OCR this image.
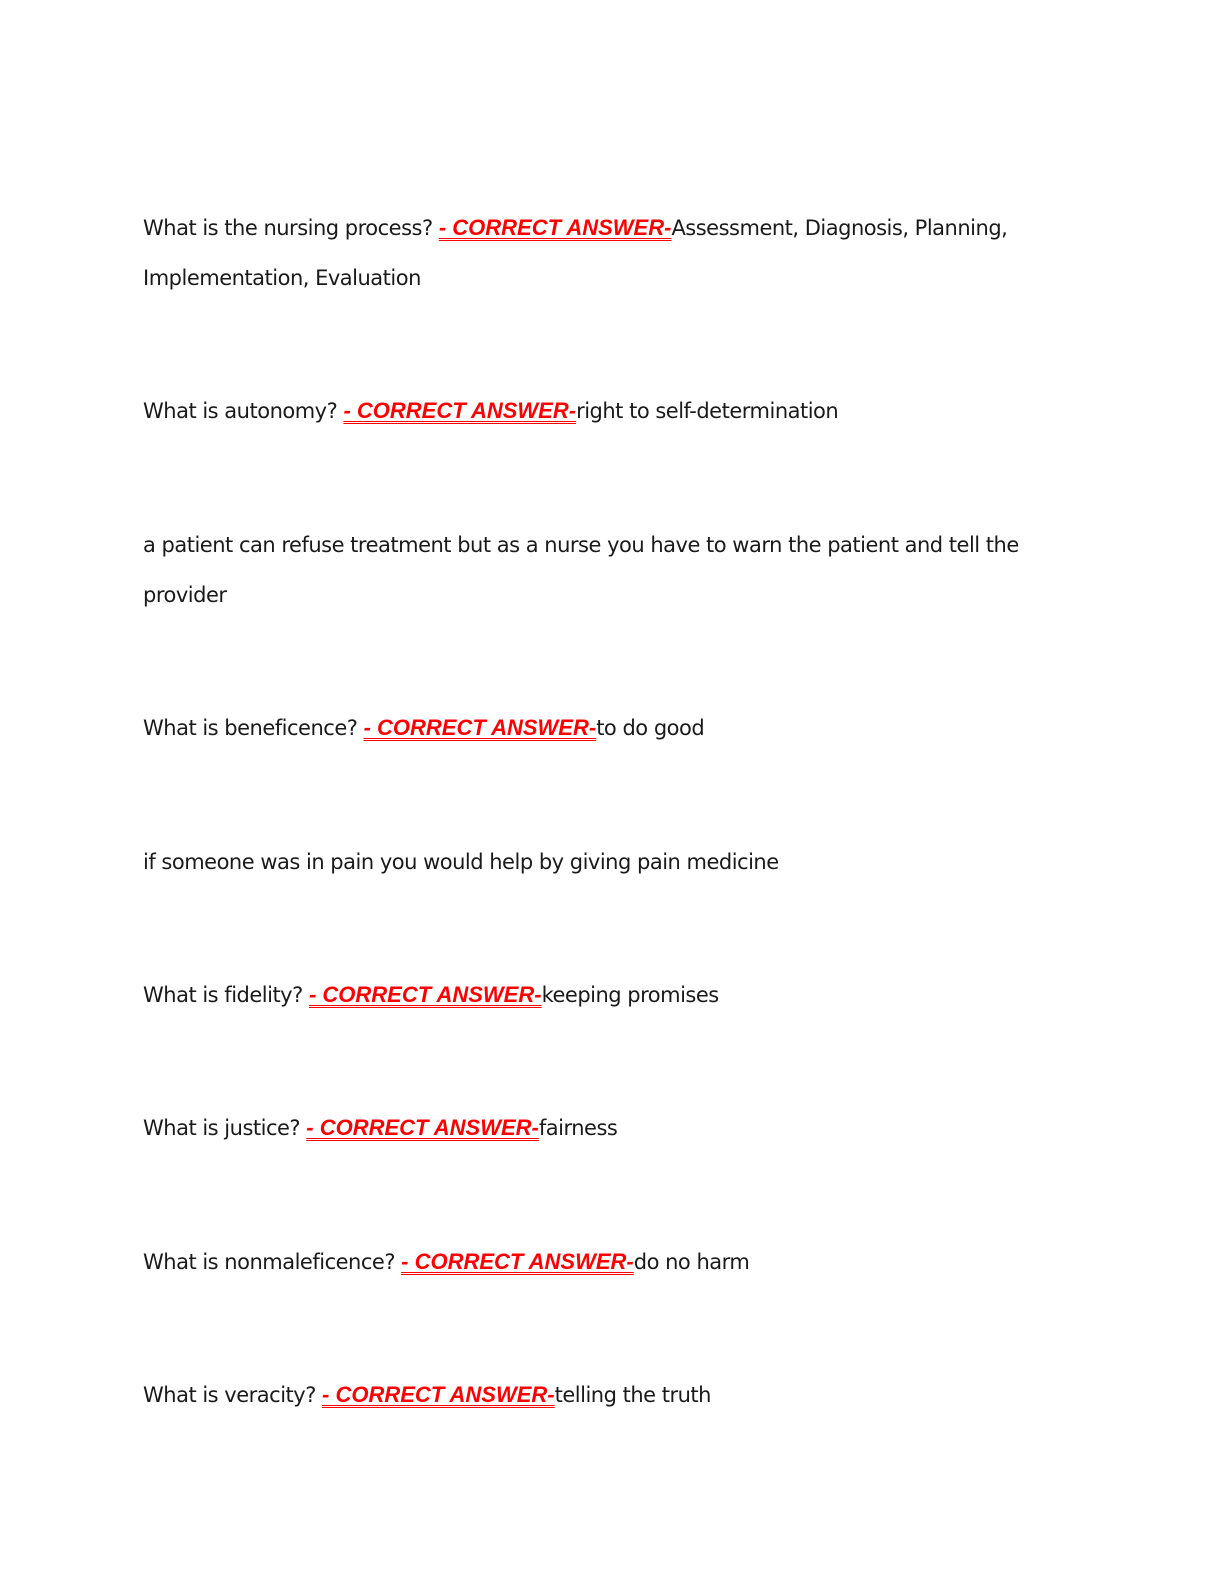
What is the nursing process? - CORRECT ANSWER-Assessment, Diagnosis, Planning, Implementation, Evaluation

What is autonomy? - CORRECT ANSWER-right to self-determination

a patient can refuse treatment but as a nurse you have to warn the patient and tell the provider

What is beneficence? - CORRECT ANSWER-to do good

if someone was in pain you would help by giving pain medicine

What is fidelity? - CORRECT ANSWER-keeping promises

What is justice? - CORRECT ANSWER-fairness

What is nonmaleficence? - CORRECT ANSWER-do no harm

What is veracity? - CORRECT ANSWER-telling the truth
